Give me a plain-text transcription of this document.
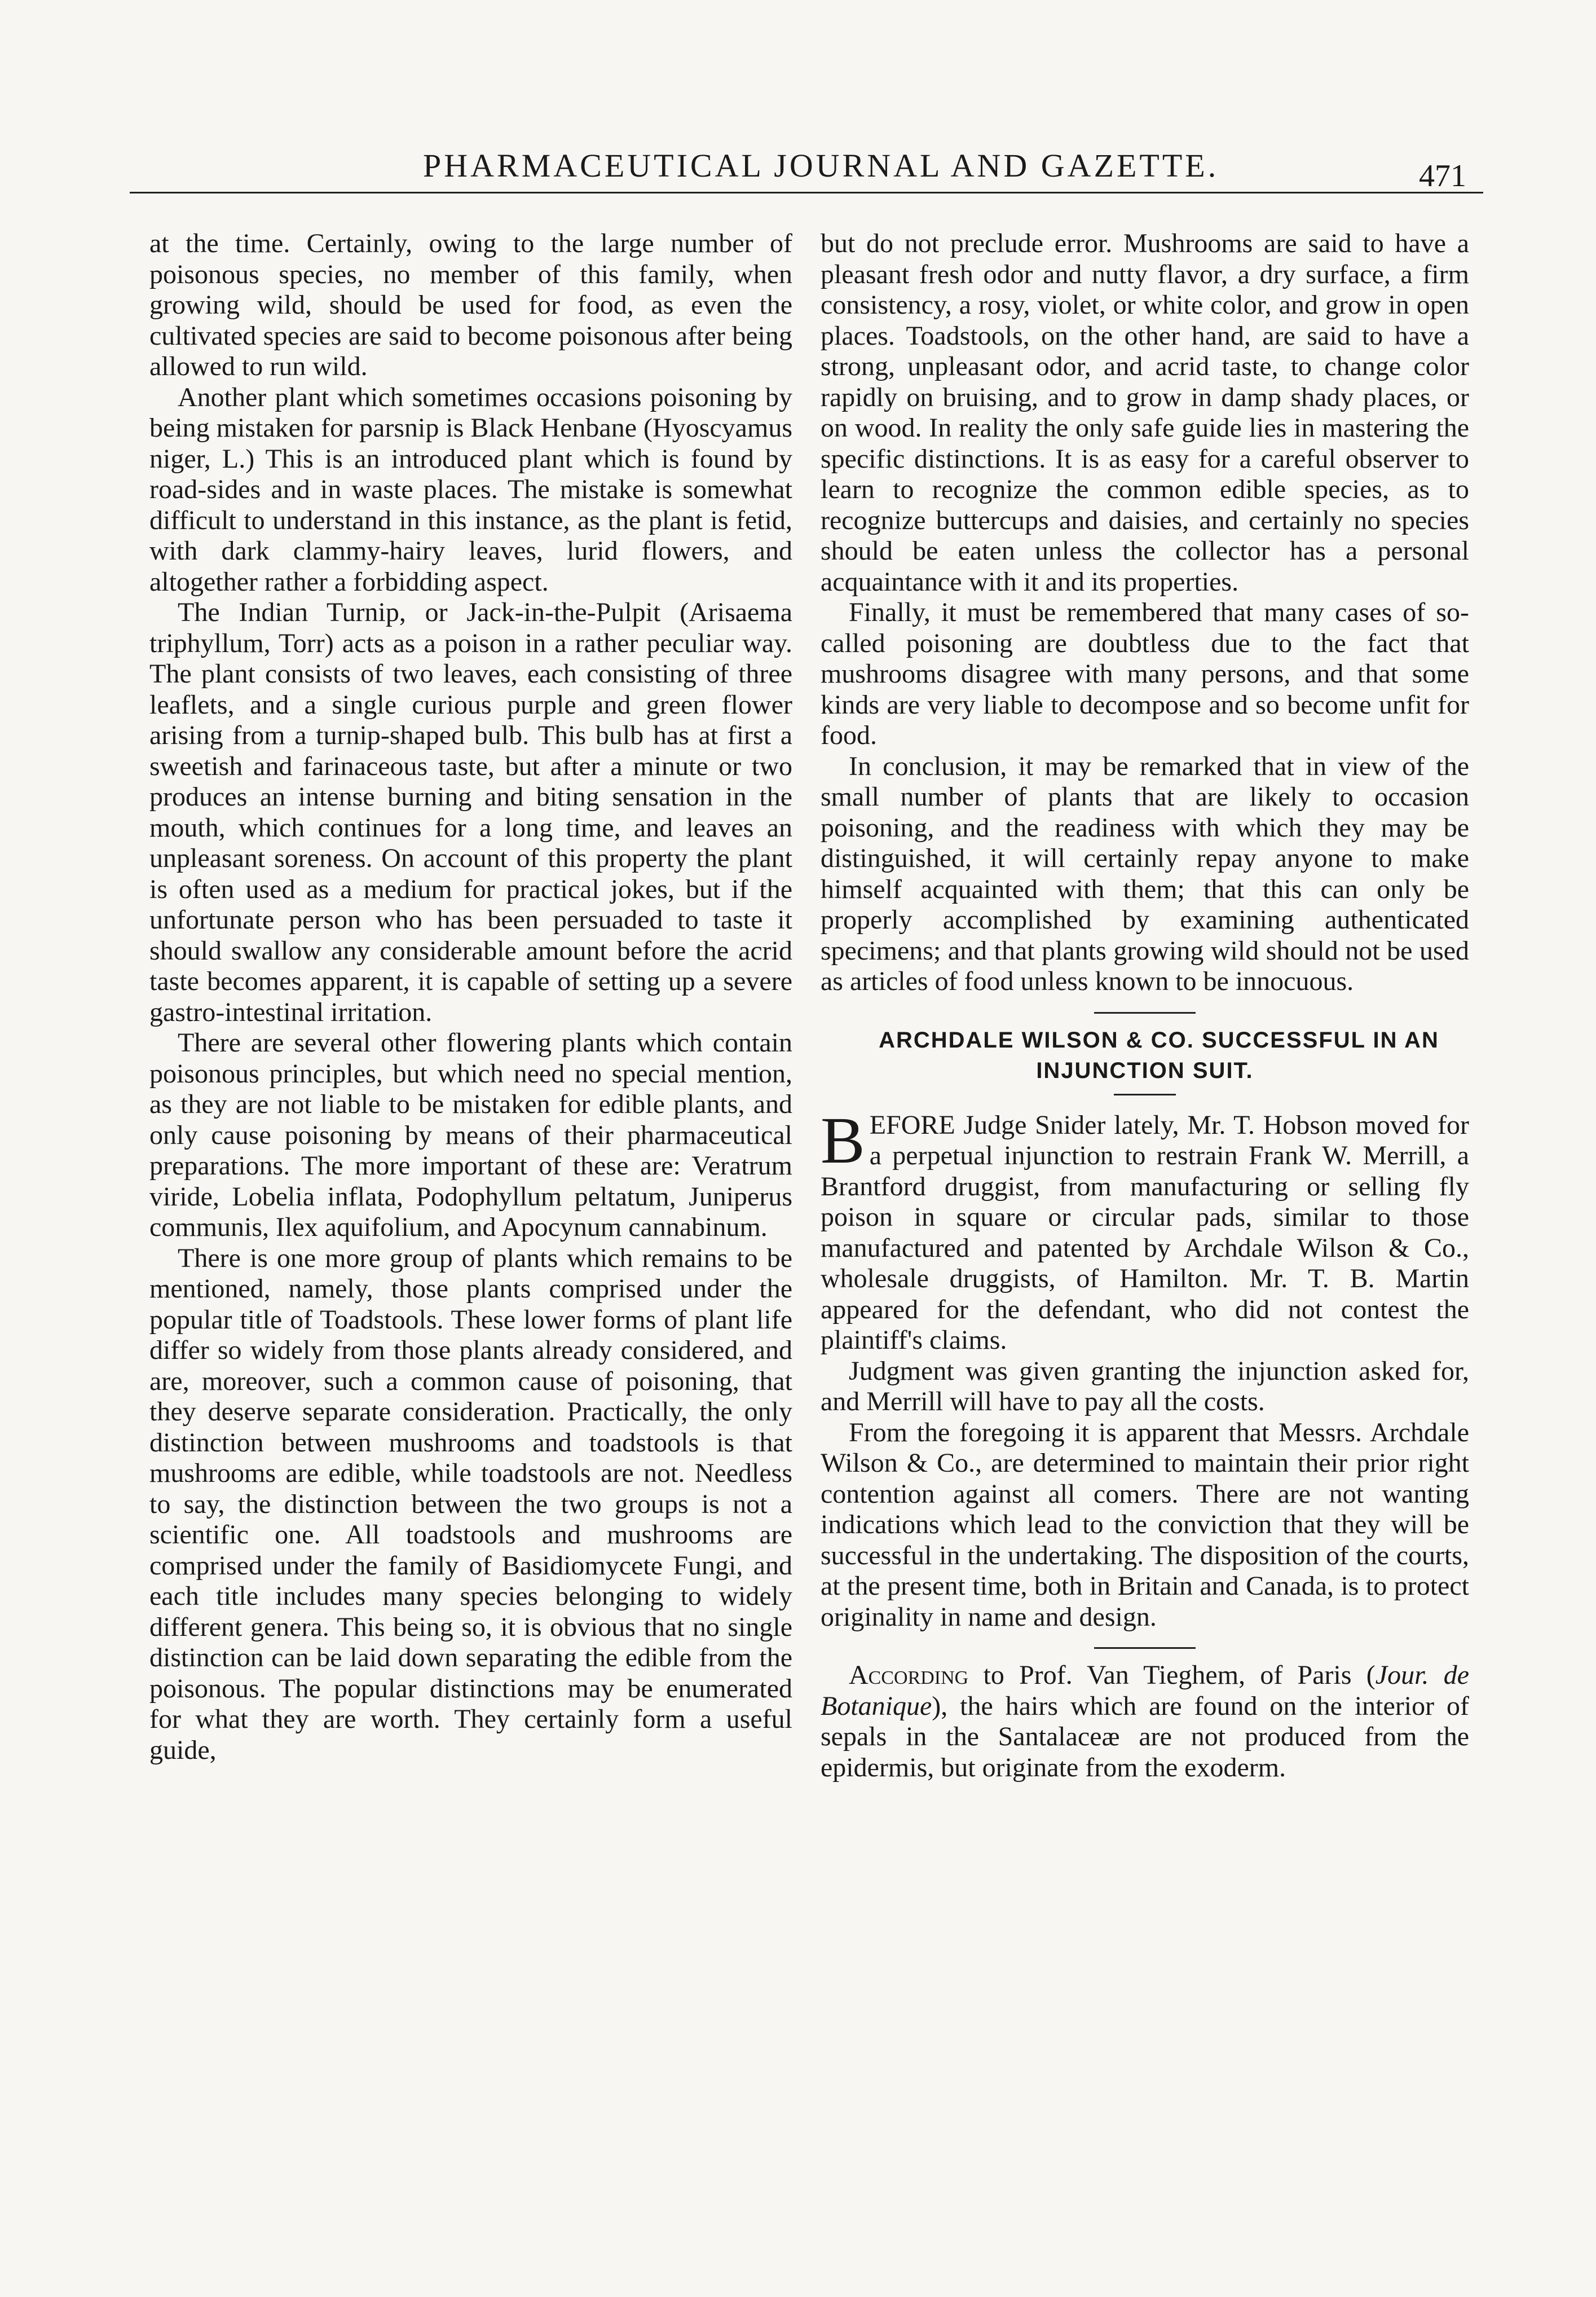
PHARMACEUTICAL JOURNAL AND GAZETTE.	471

at the time. Certainly, owing to the large number of poisonous species, no member of this family, when growing wild, should be used for food, as even the cultivated species are said to become poisonous after being allowed to run wild.

Another plant which sometimes occasions poisoning by being mistaken for parsnip is Black Henbane (Hyoscyamus niger, L.) This is an introduced plant which is found by road-sides and in waste places. The mistake is somewhat difficult to understand in this instance, as the plant is fetid, with dark clammy-hairy leaves, lurid flowers, and altogether rather a forbidding aspect.

The Indian Turnip, or Jack-in-the-Pulpit (Arisaema triphyllum, Torr) acts as a poison in a rather peculiar way. The plant consists of two leaves, each consisting of three leaflets, and a single curious purple and green flower arising from a turnip-shaped bulb. This bulb has at first a sweetish and farinaceous taste, but after a minute or two produces an intense burning and biting sensation in the mouth, which continues for a long time, and leaves an unpleasant soreness. On account of this property the plant is often used as a medium for practical jokes, but if the unfortunate person who has been persuaded to taste it should swallow any considerable amount before the acrid taste becomes apparent, it is capable of setting up a severe gastro-intestinal irritation.

There are several other flowering plants which contain poisonous principles, but which need no special mention, as they are not liable to be mistaken for edible plants, and only cause poisoning by means of their pharmaceutical preparations. The more important of these are: Veratrum viride, Lobelia inflata, Podophyllum peltatum, Juniperus communis, Ilex aquifolium, and Apocynum cannabinum.

There is one more group of plants which remains to be mentioned, namely, those plants comprised under the popular title of Toadstools. These lower forms of plant life differ so widely from those plants already considered, and are, moreover, such a common cause of poisoning, that they deserve separate consideration. Practically, the only distinction between mushrooms and toadstools is that mushrooms are edible, while toadstools are not. Needless to say, the distinction between the two groups is not a scientific one. All toadstools and mushrooms are comprised under the family of Basidiomycete Fungi, and each title includes many species belonging to widely different genera. This being so, it is obvious that no single distinction can be laid down separating the edible from the poisonous. The popular distinctions may be enumerated for what they are worth. They certainly form a useful guide,

but do not preclude error. Mushrooms are said to have a pleasant fresh odor and nutty flavor, a dry surface, a firm consistency, a rosy, violet, or white color, and grow in open places. Toadstools, on the other hand, are said to have a strong, unpleasant odor, and acrid taste, to change color rapidly on bruising, and to grow in damp shady places, or on wood. In reality the only safe guide lies in mastering the specific distinctions. It is as easy for a careful observer to learn to recognize the common edible species, as to recognize buttercups and daisies, and certainly no species should be eaten unless the collector has a personal acquaintance with it and its properties.

Finally, it must be remembered that many cases of so-called poisoning are doubtless due to the fact that mushrooms disagree with many persons, and that some kinds are very liable to decompose and so become unfit for food.

In conclusion, it may be remarked that in view of the small number of plants that are likely to occasion poisoning, and the readiness with which they may be distinguished, it will certainly repay anyone to make himself acquainted with them; that this can only be properly accomplished by examining authenticated specimens; and that plants growing wild should not be used as articles of food unless known to be innocuous.

ARCHDALE WILSON & CO. SUCCESSFUL IN AN INJUNCTION SUIT.

BEFORE Judge Snider lately, Mr. T. Hobson moved for a perpetual injunction to restrain Frank W. Merrill, a Brantford druggist, from manufacturing or selling fly poison in square or circular pads, similar to those manufactured and patented by Archdale Wilson & Co., wholesale druggists, of Hamilton. Mr. T. B. Martin appeared for the defendant, who did not contest the plaintiff's claims.

Judgment was given granting the injunction asked for, and Merrill will have to pay all the costs.

From the foregoing it is apparent that Messrs. Archdale Wilson & Co., are determined to maintain their prior right contention against all comers. There are not wanting indications which lead to the conviction that they will be successful in the undertaking. The disposition of the courts, at the present time, both in Britain and Canada, is to protect originality in name and design.

According to Prof. Van Tieghem, of Paris (Jour. de Botanique), the hairs which are found on the interior of sepals in the Santalaceæ are not produced from the epidermis, but originate from the exoderm.
